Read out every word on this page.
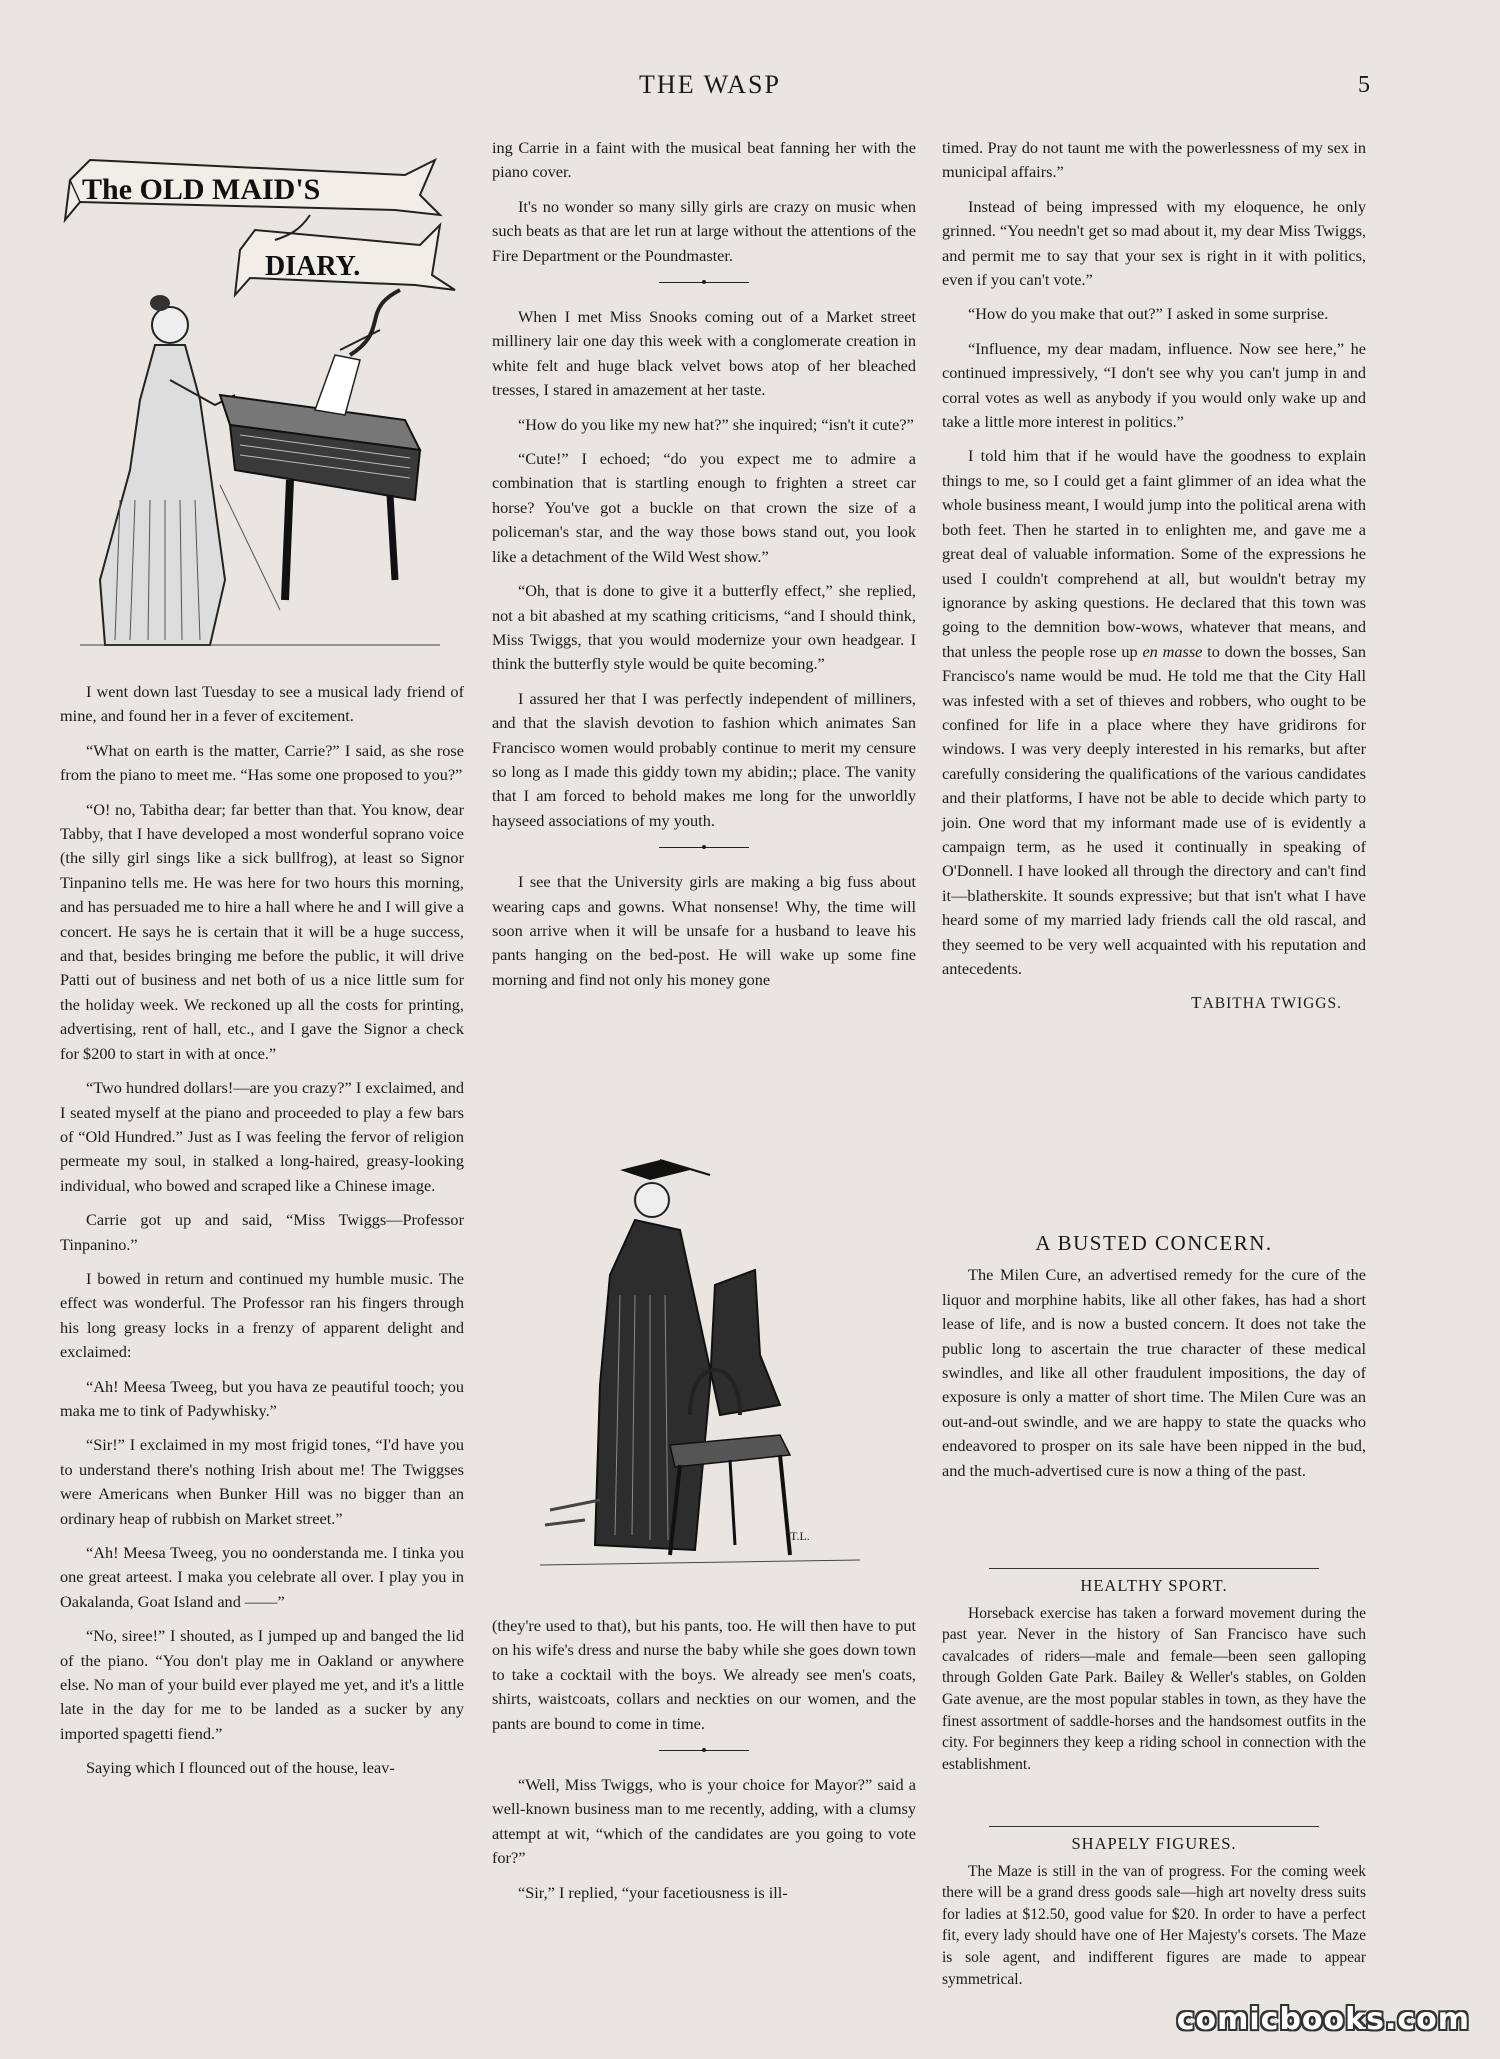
THE WASP	5
The OLD MAID'S
DIARY.
T.L.

I went down last Tuesday to see a musical lady friend of mine, and found her in a fever of excitement.

“What on earth is the matter, Carrie?” I said, as she rose from the piano to meet me. “Has some one proposed to you?”

“O! no, Tabitha dear; far better than that. You know, dear Tabby, that I have developed a most wonderful soprano voice (the silly girl sings like a sick bullfrog), at least so Signor Tinpanino tells me. He was here for two hours this morning, and has persuaded me to hire a hall where he and I will give a concert. He says he is certain that it will be a huge success, and that, besides bringing me before the public, it will drive Patti out of business and net both of us a nice little sum for the holiday week. We reckoned up all the costs for printing, advertising, rent of hall, etc., and I gave the Signor a check for $200 to start in with at once.”

“Two hundred dollars!—are you crazy?” I exclaimed, and I seated myself at the piano and proceeded to play a few bars of “Old Hundred.” Just as I was feeling the fervor of religion permeate my soul, in stalked a long-haired, greasy-looking individual, who bowed and scraped like a Chinese image.

Carrie got up and said, “Miss Twiggs—Professor Tinpanino.”

I bowed in return and continued my humble music. The effect was wonderful. The Professor ran his fingers through his long greasy locks in a frenzy of apparent delight and exclaimed:

“Ah! Meesa Tweeg, but you hava ze peautiful tooch; you maka me to tink of Padywhisky.”

“Sir!” I exclaimed in my most frigid tones, “I'd have you to understand there's nothing Irish about me! The Twiggses were Americans when Bunker Hill was no bigger than an ordinary heap of rubbish on Market street.”

“Ah! Meesa Tweeg, you no oonderstanda me. I tinka you one great arteest. I maka you celebrate all over. I play you in Oakalanda, Goat Island and ——”

“No, siree!” I shouted, as I jumped up and banged the lid of the piano. “You don't play me in Oakland or anywhere else. No man of your build ever played me yet, and it's a little late in the day for me to be landed as a sucker by any imported spagetti fiend.”

Saying which I flounced out of the house, leav-

ing Carrie in a faint with the musical beat fanning her with the piano cover.

It's no wonder so many silly girls are crazy on music when such beats as that are let run at large without the attentions of the Fire Department or the Poundmaster.

When I met Miss Snooks coming out of a Market street millinery lair one day this week with a conglomerate creation in white felt and huge black velvet bows atop of her bleached tresses, I stared in amazement at her taste.

“How do you like my new hat?” she inquired; “isn't it cute?”

“Cute!” I echoed; “do you expect me to admire a combination that is startling enough to frighten a street car horse? You've got a buckle on that crown the size of a policeman's star, and the way those bows stand out, you look like a detachment of the Wild West show.”

“Oh, that is done to give it a butterfly effect,” she replied, not a bit abashed at my scathing criticisms, “and I should think, Miss Twiggs, that you would modernize your own headgear. I think the butterfly style would be quite becoming.”

I assured her that I was perfectly independent of milliners, and that the slavish devotion to fashion which animates San Francisco women would probably continue to merit my censure so long as I made this giddy town my abidin;; place. The vanity that I am forced to behold makes me long for the unworldly hayseed associations of my youth.

I see that the University girls are making a big fuss about wearing caps and gowns. What nonsense! Why, the time will soon arrive when it will be unsafe for a husband to leave his pants hanging on the bed-post. He will wake up some fine morning and find not only his money gone

(they're used to that), but his pants, too. He will then have to put on his wife's dress and nurse the baby while she goes down town to take a cocktail with the boys. We already see men's coats, shirts, waistcoats, collars and neckties on our women, and the pants are bound to come in time.

“Well, Miss Twiggs, who is your choice for Mayor?” said a well-known business man to me recently, adding, with a clumsy attempt at wit, “which of the candidates are you going to vote for?”

“Sir,” I replied, “your facetiousness is ill-

timed. Pray do not taunt me with the powerlessness of my sex in municipal affairs.”

Instead of being impressed with my eloquence, he only grinned. “You needn't get so mad about it, my dear Miss Twiggs, and permit me to say that your sex is right in it with politics, even if you can't vote.”

“How do you make that out?” I asked in some surprise.

“Influence, my dear madam, influence. Now see here,” he continued impressively, “I don't see why you can't jump in and corral votes as well as anybody if you would only wake up and take a little more interest in politics.”

I told him that if he would have the goodness to explain things to me, so I could get a faint glimmer of an idea what the whole business meant, I would jump into the political arena with both feet. Then he started in to enlighten me, and gave me a great deal of valuable information. Some of the expressions he used I couldn't comprehend at all, but wouldn't betray my ignorance by asking questions. He declared that this town was going to the demnition bow-wows, whatever that means, and that unless the people rose up en masse to down the bosses, San Francisco's name would be mud. He told me that the City Hall was infested with a set of thieves and robbers, who ought to be confined for life in a place where they have gridirons for windows. I was very deeply interested in his remarks, but after carefully considering the qualifications of the various candidates and their platforms, I have not be able to decide which party to join. One word that my informant made use of is evidently a campaign term, as he used it continually in speaking of O'Donnell. I have looked all through the directory and can't find it—blatherskite. It sounds expressive; but that isn't what I have heard some of my married lady friends call the old rascal, and they seemed to be very well acquainted with his reputation and antecedents.

TABITHA TWIGGS.
A BUSTED CONCERN.

The Milen Cure, an advertised remedy for the cure of the liquor and morphine habits, like all other fakes, has had a short lease of life, and is now a busted concern. It does not take the public long to ascertain the true character of these medical swindles, and like all other fraudulent impositions, the day of exposure is only a matter of short time. The Milen Cure was an out-and-out swindle, and we are happy to state the quacks who endeavored to prosper on its sale have been nipped in the bud, and the much-advertised cure is now a thing of the past.

HEALTHY SPORT.

Horseback exercise has taken a forward movement during the past year. Never in the history of San Francisco have such cavalcades of riders—male and female—been seen galloping through Golden Gate Park. Bailey & Weller's stables, on Golden Gate avenue, are the most popular stables in town, as they have the finest assortment of saddle-horses and the handsomest outfits in the city. For beginners they keep a riding school in connection with the establishment.

SHAPELY FIGURES.

The Maze is still in the van of progress. For the coming week there will be a grand dress goods sale—high art novelty dress suits for ladies at $12.50, good value for $20. In order to have a perfect fit, every lady should have one of Her Majesty's corsets. The Maze is sole agent, and indifferent figures are made to appear symmetrical.

comicbooks.com
